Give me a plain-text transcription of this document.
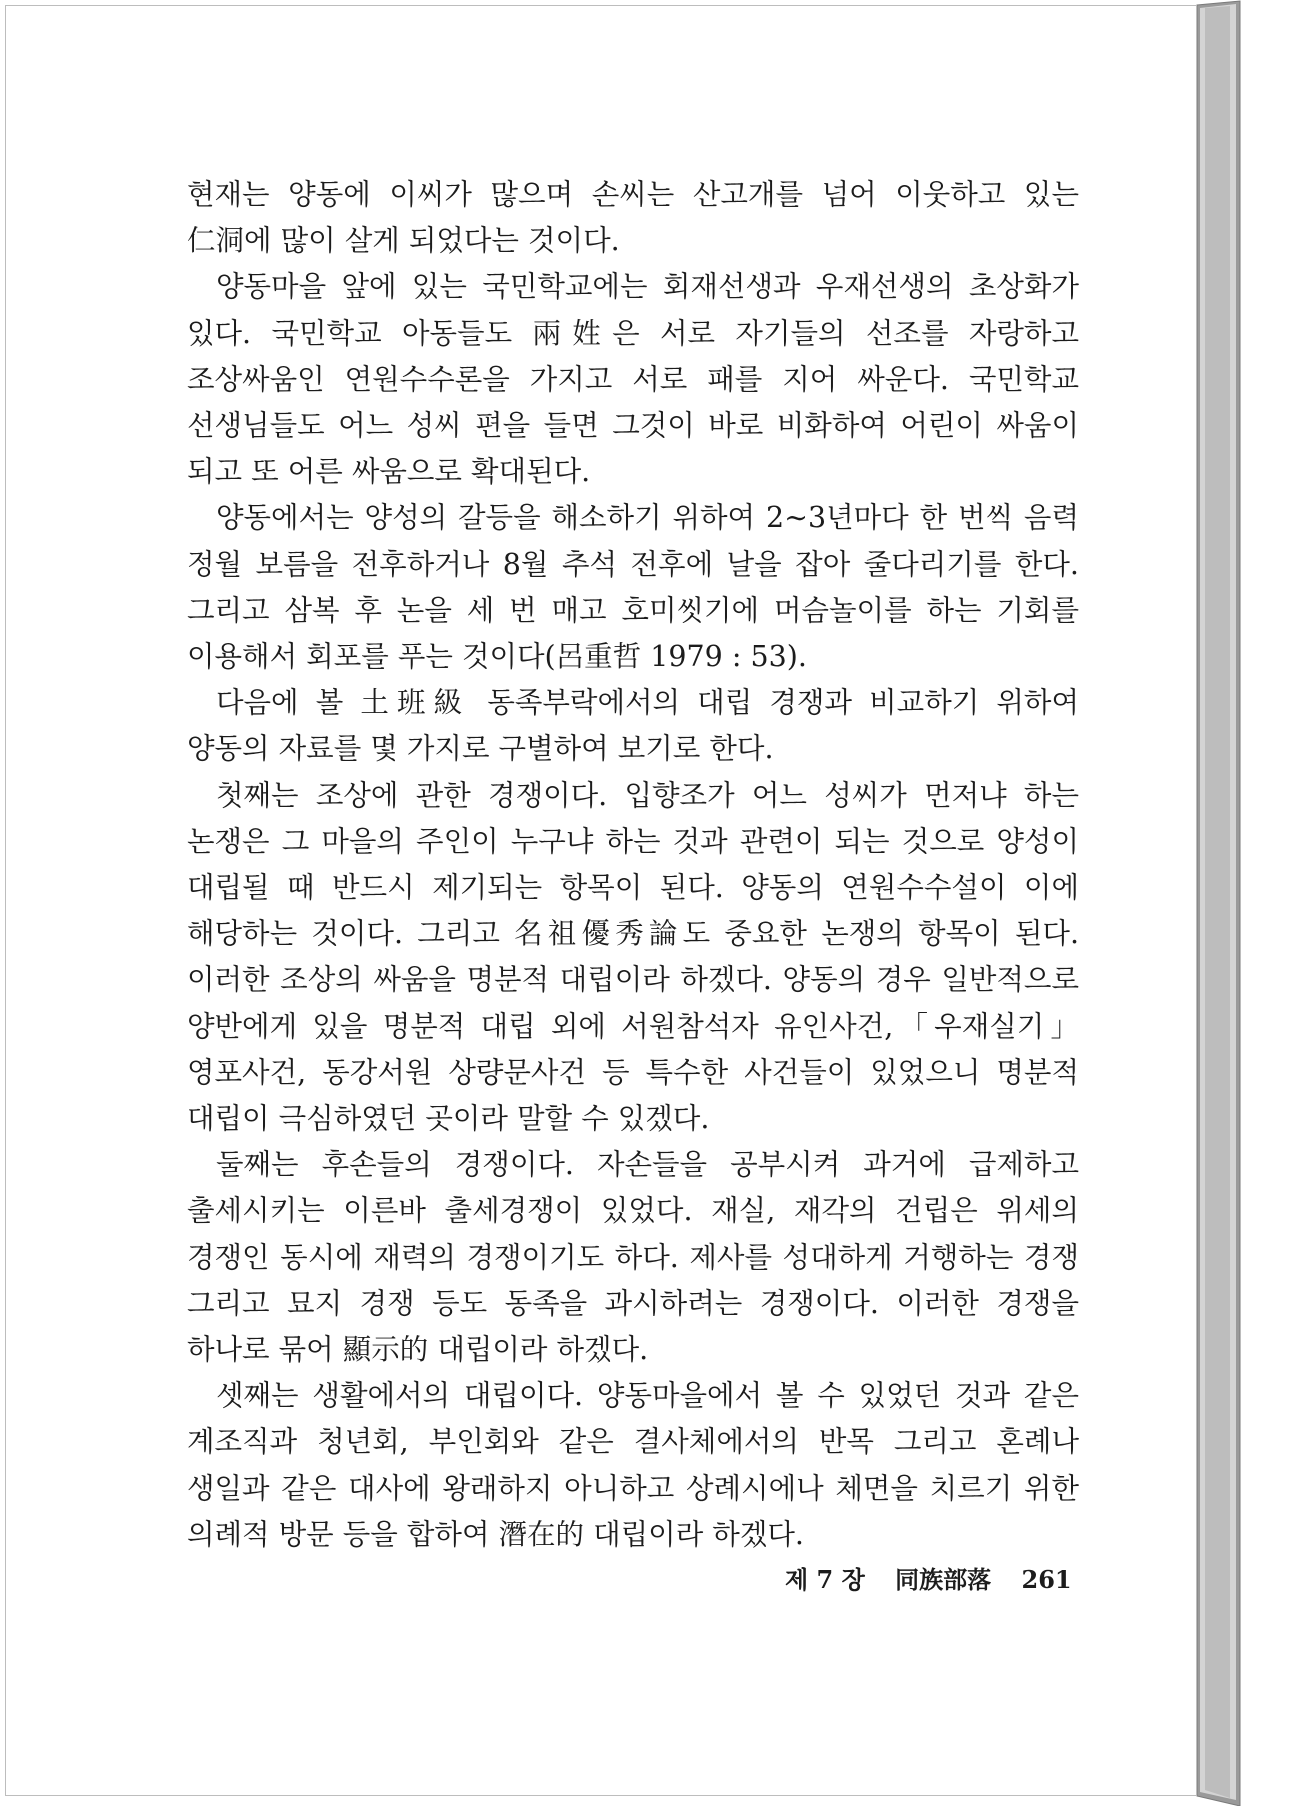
현재는 양동에 이씨가 많으며 손씨는 산고개를 넘어 이웃하고 있는 仁洞에 많이 살게 되었다는 것이다.

양동마을 앞에 있는 국민학교에는 회재선생과 우재선생의 초상화가 있다. 국민학교 아동들도 兩姓은 서로 자기들의 선조를 자랑하고 조상싸움인 연원수수론을 가지고 서로 패를 지어 싸운다. 국민학교 선생님들도 어느 성씨 편을 들면 그것이 바로 비화하여 어린이 싸움이 되고 또 어른 싸움으로 확대된다.

양동에서는 양성의 갈등을 해소하기 위하여 2∼3년마다 한 번씩 음력 정월 보름을 전후하거나 8월 추석 전후에 날을 잡아 줄다리기를 한다. 그리고 삼복 후 논을 세 번 매고 호미씻기에 머슴놀이를 하는 기회를 이용해서 회포를 푸는 것이다(呂重哲 1979 : 53).

다음에 볼 土班級 동족부락에서의 대립 경쟁과 비교하기 위하여 양동의 자료를 몇 가지로 구별하여 보기로 한다.

첫째는 조상에 관한 경쟁이다. 입향조가 어느 성씨가 먼저냐 하는 논쟁은 그 마을의 주인이 누구냐 하는 것과 관련이 되는 것으로 양성이 대립될 때 반드시 제기되는 항목이 된다. 양동의 연원수수설이 이에 해당하는 것이다. 그리고 名祖優秀論도 중요한 논쟁의 항목이 된다. 이러한 조상의 싸움을 명분적 대립이라 하겠다. 양동의 경우 일반적으로 양반에게 있을 명분적 대립 외에 서원참석자 유인사건,「우재실기」영포사건, 동강서원 상량문사건 등 특수한 사건들이 있었으니 명분적 대립이 극심하였던 곳이라 말할 수 있겠다.

둘째는 후손들의 경쟁이다. 자손들을 공부시켜 과거에 급제하고 출세시키는 이른바 출세경쟁이 있었다. 재실, 재각의 건립은 위세의 경쟁인 동시에 재력의 경쟁이기도 하다. 제사를 성대하게 거행하는 경쟁 그리고 묘지 경쟁 등도 동족을 과시하려는 경쟁이다. 이러한 경쟁을 하나로 묶어 顯示的 대립이라 하겠다.

셋째는 생활에서의 대립이다. 양동마을에서 볼 수 있었던 것과 같은 계조직과 청년회, 부인회와 같은 결사체에서의 반목 그리고 혼례나 생일과 같은 대사에 왕래하지 아니하고 상례시에나 체면을 치르기 위한 의례적 방문 등을 합하여 潛在的 대립이라 하겠다.

제 7 장 同族部落 261
